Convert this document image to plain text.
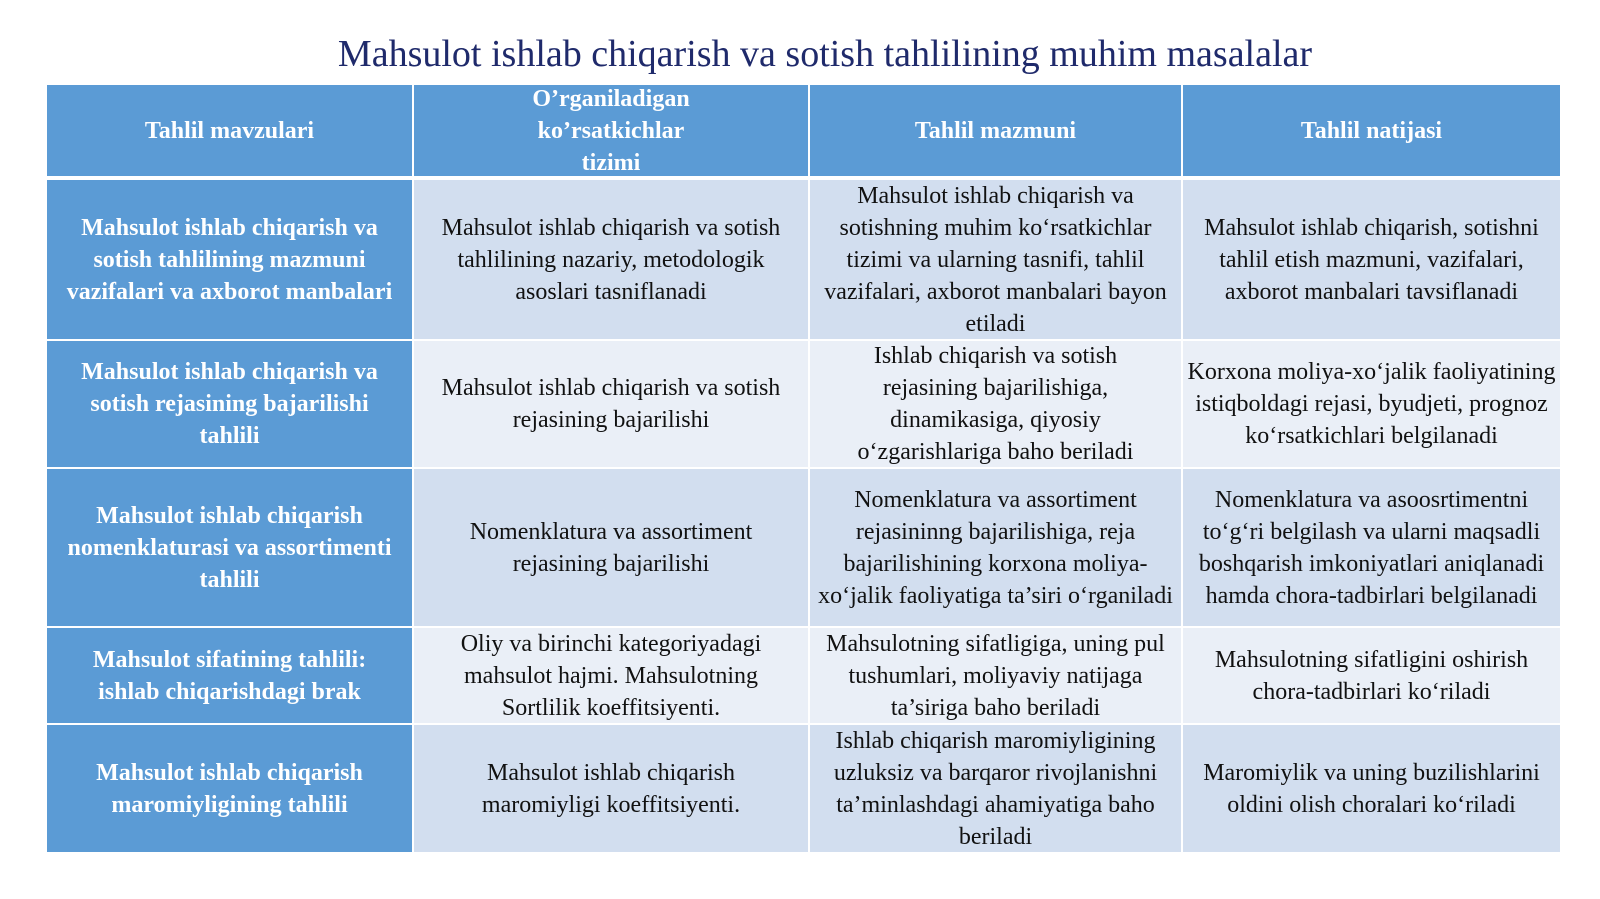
Mahsulot ishlab chiqarish va sotish tahlilining muhim masalalar
Tahlil mavzulari
O’rganiladigan ko’rsatkichlar tizimi
Tahlil mazmuni	Tahlil natijasi
Mahsulot ishlab chiqarish va sotish tahlilining mazmuni vazifalari va axborot manbalari
Mahsulot ishlab chiqarish va sotish tahlilining nazariy, metodologik asoslari tasniflanadi
Mahsulot ishlab chiqarish va sotishning muhim ko‘rsatkichlar tizimi va ularning tasnifi, tahlil vazifalari, axborot manbalari bayon etiladi
Mahsulot ishlab chiqarish, sotishni tahlil etish mazmuni, vazifalari, axborot manbalari tavsiflanadi
Mahsulot ishlab chiqarish va sotish rejasining bajarilishi tahlili
Mahsulot ishlab chiqarish va sotish rejasining bajarilishi
Ishlab chiqarish va sotish rejasining bajarilishiga, dinamikasiga, qiyosiy o‘zgarishlariga baho beriladi
Korxona moliya-xo‘jalik faoliyatining istiqboldagi rejasi, byudjeti, prognoz ko‘rsatkichlari belgilanadi
Mahsulot ishlab chiqarish nomenklaturasi va assortimenti tahlili
Nomenklatura va assortiment rejasining bajarilishi
Nomenklatura va assortiment rejasininng bajarilishiga, reja bajarilishining korxona moliya-xo‘jalik faoliyatiga ta’siri o‘rganiladi
Nomenklatura va asoosrtimentni to‘g‘ri belgilash va ularni maqsadli boshqarish imkoniyatlari aniqlanadi hamda chora-tadbirlari belgilanadi
Mahsulot sifatining tahlili: ishlab chiqarishdagi brak
Oliy va birinchi kategoriyadagi mahsulot hajmi. Mahsulotning Sortlilik koeffitsiyenti.
Mahsulotning sifatligiga, uning pul tushumlari, moliyaviy natijaga ta’siriga baho beriladi
Mahsulotning sifatligini oshirish chora-tadbirlari ko‘riladi
Mahsulot ishlab chiqarish maromiyligining tahlili
Mahsulot ishlab chiqarish maromiyligi koeffitsiyenti.
Ishlab chiqarish maromiyligining uzluksiz va barqaror rivojlanishni ta’minlashdagi ahamiyatiga baho beriladi
Maromiylik va uning buzilishlarini oldini olish choralari ko‘riladi
